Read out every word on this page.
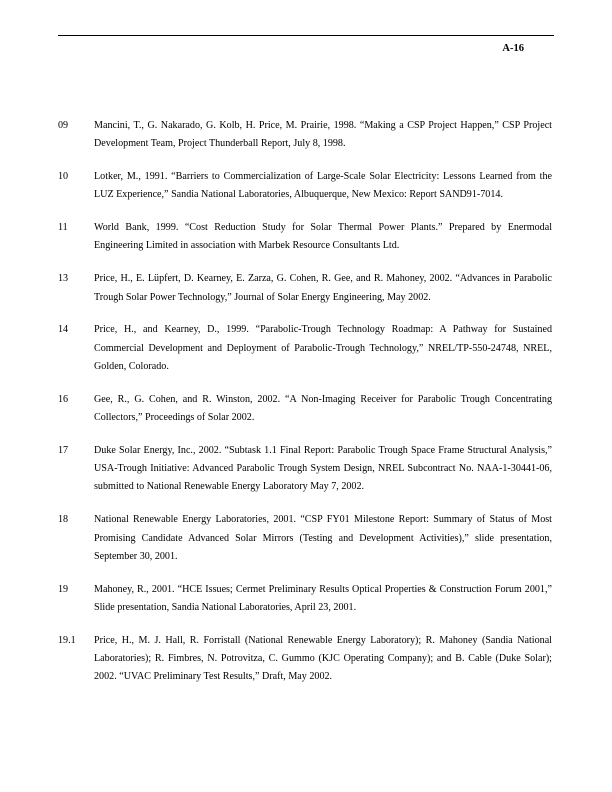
A-16
09	Mancini, T., G. Nakarado, G. Kolb, H. Price, M. Prairie, 1998. “Making a CSP Project Happen,” CSP Project Development Team, Project Thunderball Report, July 8, 1998.
10	Lotker, M., 1991. “Barriers to Commercialization of Large-Scale Solar Electricity: Lessons Learned from the LUZ Experience,” Sandia National Laboratories, Albuquerque, New Mexico: Report SAND91-7014.
11	World Bank, 1999. “Cost Reduction Study for Solar Thermal Power Plants.” Prepared by Enermodal Engineering Limited in association with Marbek Resource Consultants Ltd.
13	Price, H., E. Lüpfert, D. Kearney, E. Zarza, G. Cohen, R. Gee, and R. Mahoney, 2002. “Advances in Parabolic Trough Solar Power Technology,” Journal of Solar Energy Engineering, May 2002.
14	Price, H., and Kearney, D., 1999. “Parabolic-Trough Technology Roadmap: A Pathway for Sustained Commercial Development and Deployment of Parabolic-Trough Technology,” NREL/TP-550-24748, NREL, Golden, Colorado.
16	Gee, R., G. Cohen, and R. Winston, 2002. “A Non-Imaging Receiver for Parabolic Trough Concentrating Collectors,” Proceedings of Solar 2002.
17	Duke Solar Energy, Inc., 2002. “Subtask 1.1 Final Report: Parabolic Trough Space Frame Structural Analysis,” USA-Trough Initiative: Advanced Parabolic Trough System Design, NREL Subcontract No. NAA-1-30441-06, submitted to National Renewable Energy Laboratory May 7, 2002.
18	National Renewable Energy Laboratories, 2001. “CSP FY01 Milestone Report: Summary of Status of Most Promising Candidate Advanced Solar Mirrors (Testing and Development Activities),” slide presentation, September 30, 2001.
19	Mahoney, R., 2001. “HCE Issues; Cermet Preliminary Results Optical Properties & Construction Forum 2001,” Slide presentation, Sandia National Laboratories, April 23, 2001.
19.1	Price, H., M. J. Hall, R. Forristall (National Renewable Energy Laboratory); R. Mahoney (Sandia National Laboratories); R. Fimbres, N. Potrovitza, C. Gummo (KJC Operating Company); and B. Cable (Duke Solar); 2002. “UVAC Preliminary Test Results,” Draft, May 2002.
